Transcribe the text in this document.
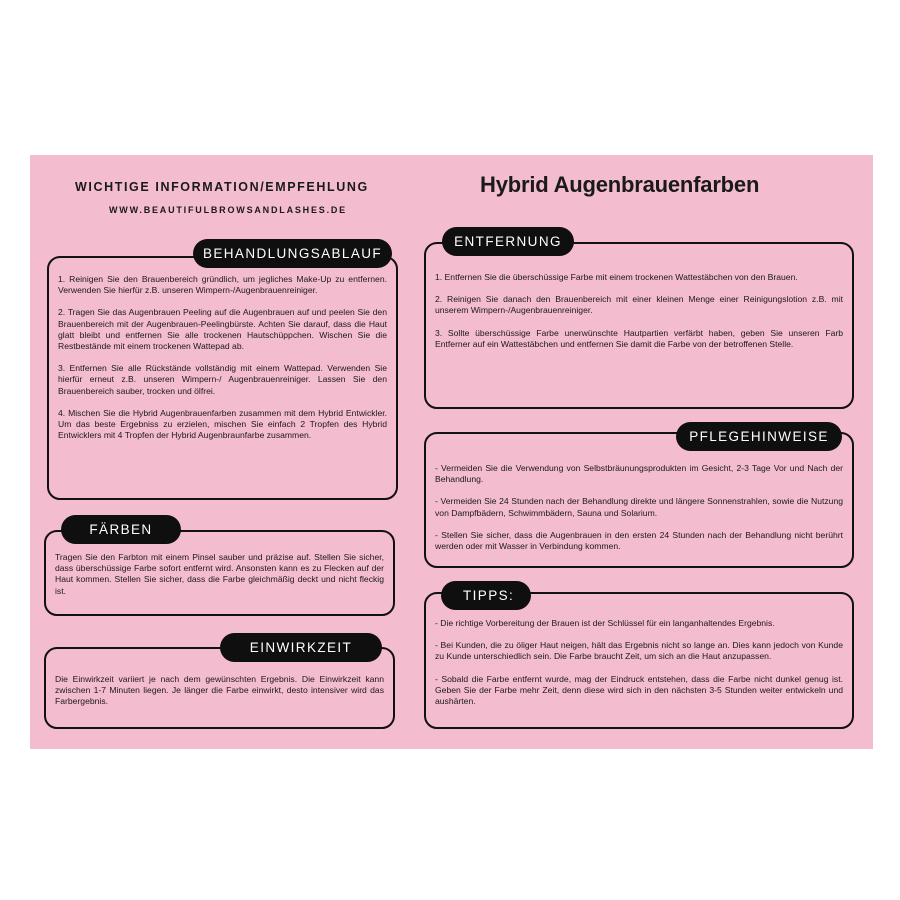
WICHTIGE INFORMATION/EMPFEHLUNG
WWW.BEAUTIFULBROWSANDLASHES.DE
Hybrid Augenbrauenfarben

1. Reinigen Sie den Brauenbereich gründlich, um jegliches Make-Up zu entfernen. Verwenden Sie hierfür z.B. unseren Wimpern-/Augenbrauenreiniger.

2. Tragen Sie das Augenbrauen Peeling auf die Augenbrauen auf und peelen Sie den Brauenbereich mit der Augenbrauen-Peelingbürste. Achten Sie darauf, dass die Haut glatt bleibt und entfernen Sie alle trockenen Hautschüppchen. Wischen Sie die Restbestände mit einem trockenen Wattepad ab.

3. Entfernen Sie alle Rückstände vollständig mit einem Wattepad. Verwenden Sie hierfür erneut z.B. unseren Wimpern-/ Augenbrauenreiniger. Lassen Sie den Brauenbereich sauber, trocken und ölfrei.

4. Mischen Sie die Hybrid Augenbrauenfarben zusammen mit dem Hybrid Entwickler. Um das beste Ergebniss zu erzielen, mischen Sie einfach 2 Tropfen des Hybrid Entwicklers mit 4 Tropfen der Hybrid Augenbraunfarbe zusammen.

BEHANDLUNGSABLAUF

Tragen Sie den Farbton mit einem Pinsel sauber und präzise auf. Stellen Sie sicher, dass überschüssige Farbe sofort entfernt wird. Ansonsten kann es zu Flecken auf der Haut kommen. Stellen Sie sicher, dass die Farbe gleichmäßig deckt und nicht fleckig ist.

FÄRBEN

Die Einwirkzeit variiert je nach dem gewünschten Ergebnis. Die Einwirkzeit kann zwischen 1-7 Minuten liegen. Je länger die Farbe einwirkt, desto intensiver wird das Farbergebnis.

EINWIRKZEIT

1. Entfernen Sie die überschüssige Farbe mit einem trockenen Wattestäbchen von den Brauen.

2. Reinigen Sie danach den Brauenbereich mit einer kleinen Menge einer Reinigungslotion z.B. mit unserem Wimpern-/Augenbrauenreiniger.

3. Sollte überschüssige Farbe unerwünschte Hautpartien verfärbt haben, geben Sie unseren Farb Entferner auf ein Wattestäbchen und entfernen Sie damit die Farbe von der betroffenen Stelle.

ENTFERNUNG

- Vermeiden Sie die Verwendung von Selbstbräunungsprodukten im Gesicht, 2-3 Tage Vor und Nach der Behandlung.

- Vermeiden Sie 24 Stunden nach der Behandlung direkte und längere Sonnenstrahlen, sowie die Nutzung von Dampfbädern, Schwimmbädern, Sauna und Solarium.

- Stellen Sie sicher, dass die Augenbrauen in den ersten 24 Stunden nach der Behandlung nicht berührt werden oder mit Wasser in Verbindung kommen.

PFLEGEHINWEISE

- Die richtige Vorbereitung der Brauen ist der Schlüssel für ein langanhaltendes Ergebnis.

- Bei Kunden, die zu öliger Haut neigen, hält das Ergebnis nicht so lange an. Dies kann jedoch von Kunde zu Kunde unterschiedlich sein. Die Farbe braucht Zeit, um sich an die Haut anzupassen.

- Sobald die Farbe entfernt wurde, mag der Eindruck entstehen, dass die Farbe nicht dunkel genug ist. Geben Sie der Farbe mehr Zeit, denn diese wird sich in den nächsten 3-5 Stunden weiter entwickeln und aushärten.

TIPPS:
